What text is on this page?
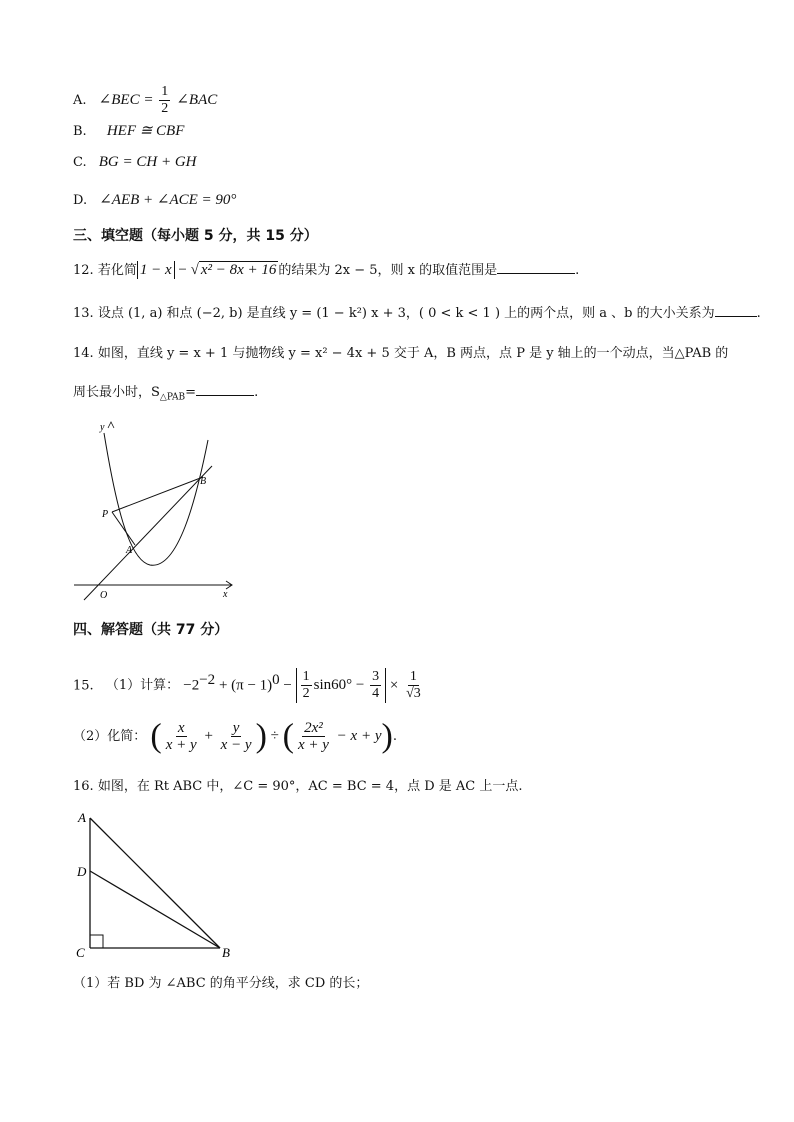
A. ∠BEC = $\frac{1}{2}$ ∠BAC
B. HEF ≅ CBF
C. BG = CH + GH
D. ∠AEB + ∠ACE = 90°
三、填空题（每小题 5 分，共 15 分）
12. 若化简 1 − x − √ x² − 8x + 16 的结果为 2x − 5，则 x 的取值范围是	.
13. 设点 (1, a) 和点 (−2, b) 是直线 y = (1 − k²) x + 3，( 0 < k < 1 ) 上的两个点，则 a 、b 的大小关系为	.
14. 如图，直线 y = x + 1 与抛物线 y = x² − 4x + 5 交于 A，B 两点，点 P 是 y 轴上的一个动点，当△PAB 的
周长最小时，$S_{\triangle PAB}=$	.
y
x
O
A
B
P
四、解答题（共 77 分）
15. （1）计算： $-2^{-2} + (\pi - 1)^0 - \frac{1}{2} \sin 60^\circ - \frac{3}{4} \times \frac{1}{√3}$
（2）化简： ( $\frac{x}{x + y} + \frac{y}{x - y}$ ) ÷ ( $\frac{\text{2x²}}{x + y} - x + y$).
16. 如图，在 Rt ABC 中，∠C = 90°，AC = BC = 4，点 D 是 AC 上一点.
A
D
C	B
（1）若 BD 为 ∠ABC 的角平分线，求 CD 的长；
